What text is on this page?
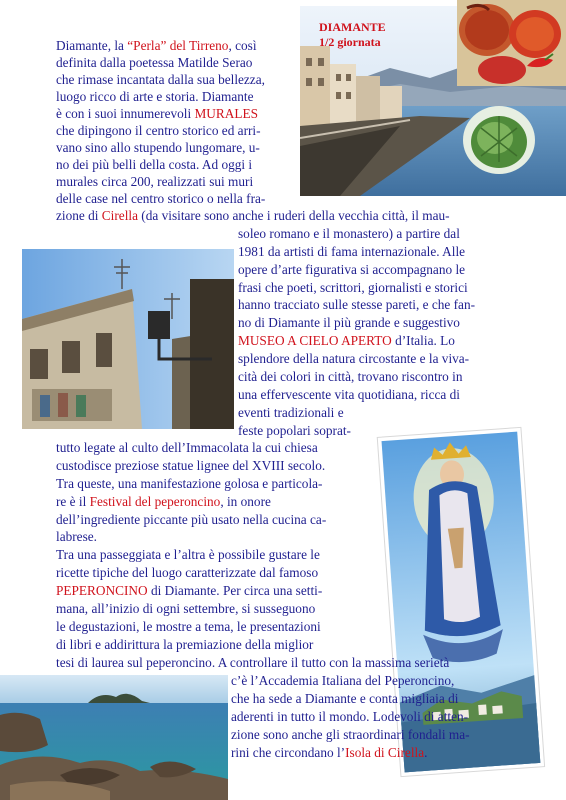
DIAMANTE
1/2 giornata

Diamante, la “Perla” del Tirreno, così

definita dalla poetessa Matilde Serao

che rimase incantata dalla sua bellezza,

luogo ricco di arte e storia. Diamante

è con i suoi innumerevoli MURALES

che dipingono il centro storico ed arri-

vano sino allo stupendo lungomare, u-

no dei più belli della costa. Ad oggi i

murales circa 200, realizzati sui muri

delle case nel centro storico o nella fra-

zione di Cirella (da visitare sono anche i ruderi della vecchia città, il mau-

soleo romano e il monastero) a partire dal

1981 da artisti di fama internazionale. Alle

opere d’arte figurativa si accompagnano le

frasi che poeti, scrittori, giornalisti e storici

hanno tracciato sulle stesse pareti, e che fan-

no di Diamante il più grande e suggestivo

MUSEO A CIELO APERTO d’Italia. Lo

splendore della natura circostante e la viva-

cità dei colori in città, trovano riscontro in

una effervescente vita quotidiana, ricca di

eventi tradizionali e

feste popolari soprat-

tutto legate al culto dell’Immacolata la cui chiesa

custodisce preziose statue lignee del XVIII secolo.

Tra queste, una manifestazione golosa e particola-

re è il Festival del peperoncino, in onore

dell’ingrediente piccante più usato nella cucina ca-

labrese.

Tra una passeggiata e l’altra è possibile gustare le

ricette tipiche del luogo caratterizzate dal famoso

PEPERONCINO di Diamante. Per circa una setti-

mana, all’inizio di ogni settembre, si susseguono

le degustazioni, le mostre a tema, le presentazioni

di libri e addirittura la premiazione della miglior

tesi di laurea sul peperoncino. A controllare il tutto con la massima serietà

c’è l’Accademia Italiana del Peperoncino,

che ha sede a Diamante e conta migliaia di

aderenti in tutto il mondo. Lodevoli di atten-

zione sono anche gli straordinari fondali ma-

rini che circondano l’Isola di Cirella.
